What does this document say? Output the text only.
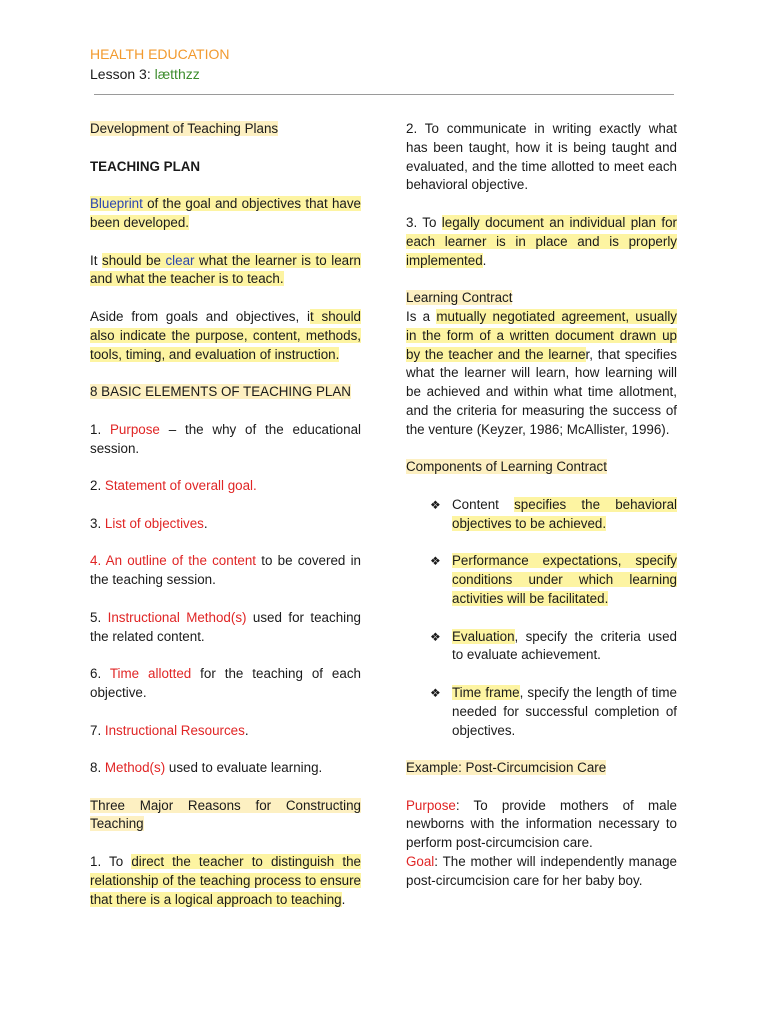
HEALTH EDUCATION
Lesson 3: lætthzz

Development of Teaching Plans

TEACHING PLAN

Blueprint of the goal and objectives that have been developed.

It should be clear what the learner is to learn and what the teacher is to teach.

Aside from goals and objectives, it should also indicate the purpose, content, methods, tools, timing, and evaluation of instruction.

8 BASIC ELEMENTS OF TEACHING PLAN

1. Purpose – the why of the educational session.

2. Statement of overall goal.

3. List of objectives.

4. An outline of the content to be covered in the teaching session.

5. Instructional Method(s) used for teaching the related content.

6. Time allotted for the teaching of each objective.

7. Instructional Resources.

8. Method(s) used to evaluate learning.

Three Major Reasons for Constructing Teaching

1. To direct the teacher to distinguish the relationship of the teaching process to ensure that there is a logical approach to teaching.

2. To communicate in writing exactly what has been taught, how it is being taught and evaluated, and the time allotted to meet each behavioral objective.

3. To legally document an individual plan for each learner is in place and is properly implemented.

Learning Contract

Is a mutually negotiated agreement, usually in the form of a written document drawn up by the teacher and the learner, that specifies what the learner will learn, how learning will be achieved and within what time allotment, and the criteria for measuring the success of the venture (Keyzer, 1986; McAllister, 1996).

Components of Learning Contract

❖ Content specifies the behavioral objectives to be achieved.
❖ Performance expectations, specify conditions under which learning activities will be facilitated.
❖ Evaluation, specify the criteria used to evaluate achievement.
❖ Time frame, specify the length of time needed for successful completion of objectives.

Example: Post-Circumcision Care

Purpose: To provide mothers of male newborns with the information necessary to perform post-circumcision care.

Goal: The mother will independently manage post-circumcision care for her baby boy.
